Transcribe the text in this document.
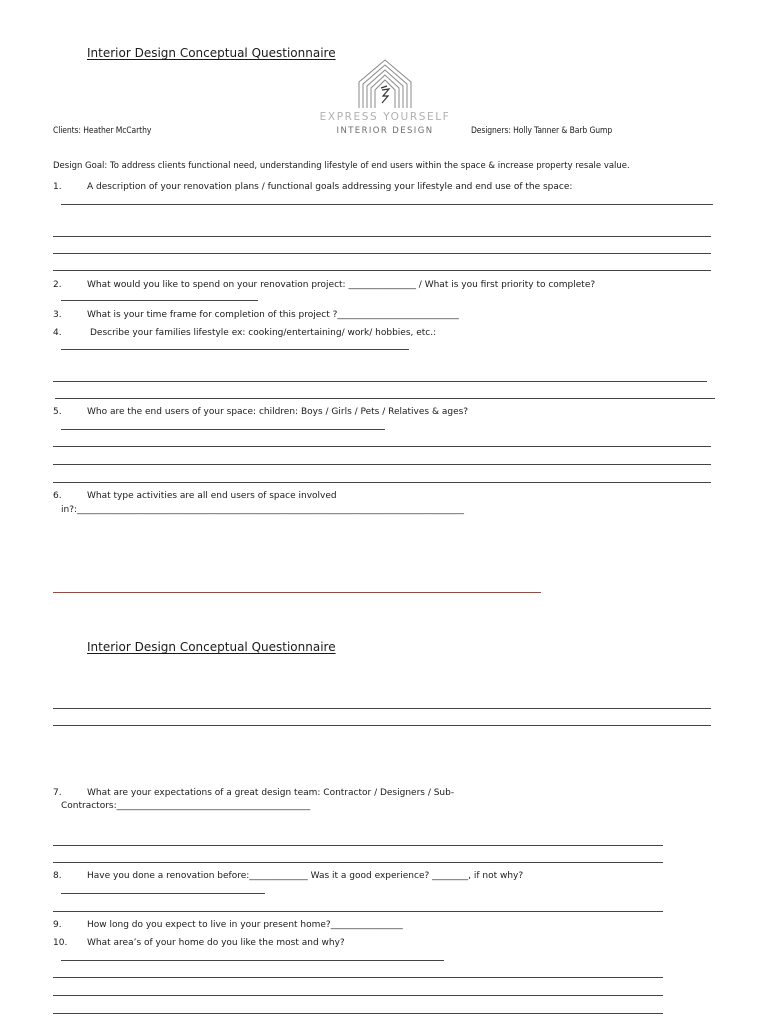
Interior Design Conceptual Questionnaire
EXPRESS YOURSELF
INTERIOR DESIGN
Clients: Heather McCarthy	Designers: Holly Tanner & Barb Gump
Design Goal: To address clients functional need, understanding lifestyle of end users within the space & increase property resale value.
1.	A description of your renovation plans / functional goals addressing your lifestyle and end use of the space:
2.	What would you like to spend on your renovation project: _______________ / What is you first priority to complete?
3.	What is your time frame for completion of this project ?___________________________
4.	Describe your families lifestyle ex: cooking/entertaining/ work/ hobbies, etc.:
5.	Who are the end users of your space: children: Boys / Girls / Pets / Relatives & ages?
6.	What type activities are all end users of space involved
in?:______________________________________________________________________________________
Interior Design Conceptual Questionnaire
7.	What are your expectations of a great design team: Contractor / Designers / Sub-
Contractors:___________________________________________
8.	Have you done a renovation before:_____________ Was it a good experience? ________, if not why?
9.	How long do you expect to live in your present home?________________
10. What area’s of your home do you like the most and why?
